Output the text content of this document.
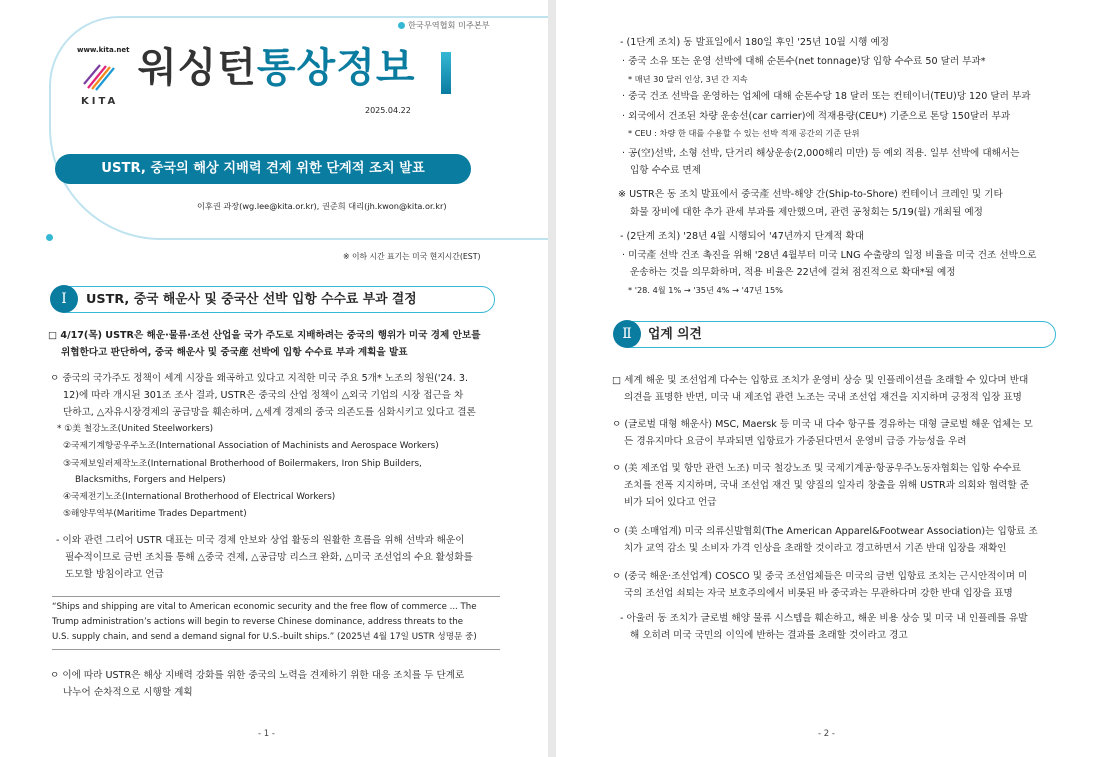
한국무역협회 미주본부
www.kita.net
KITA
워싱턴통상정보
2025.04.22
USTR, 중국의 해상 지배력 견제 위한 단계적 조치 발표
이후권 과장(wg.lee@kita.or.kr), 권준희 대리(jh.kwon@kita.or.kr)
※ 이하 시간 표기는 미국 현지시간(EST)
Ⅰ	USTR, 중국 해운사 및 중국산 선박 입항 수수료 부과 결정
□ 4/17(목) USTR은 해운·물류·조선 산업을 국가 주도로 지배하려는 중국의 행위가 미국 경제 안보를
위협한다고 판단하여, 중국 해운사 및 중국産 선박에 입항 수수료 부과 계획을 발표
ㅇ 중국의 국가주도 정책이 세계 시장을 왜곡하고 있다고 지적한 미국 주요 5개* 노조의 청원('24. 3.
12)에 따라 개시된 301조 조사 결과, USTR은 중국의 산업 정책이 △외국 기업의 시장 접근을 차
단하고, △자유시장경제의 공급망을 훼손하며, △세계 경제의 중국 의존도를 심화시키고 있다고 결론
* ①美 철강노조(United Steelworkers)
②국제기계항공우주노조(International Association of Machinists and Aerospace Workers)
③국제보일러제작노조(International Brotherhood of Boilermakers, Iron Ship Builders,
Blacksmiths, Forgers and Helpers)
④국제전기노조(International Brotherhood of Electrical Workers)
⑤해양무역부(Maritime Trades Department)
- 이와 관련 그리어 USTR 대표는 미국 경제 안보와 상업 활동의 원활한 흐름을 위해 선박과 해운이
필수적이므로 금번 조치를 통해 △중국 견제, △공급망 리스크 완화, △미국 조선업의 수요 활성화를
도모할 방침이라고 언급
“Ships and shipping are vital to American economic security and the free flow of commerce ... The
Trump administration’s actions will begin to reverse Chinese dominance, address threats to the
U.S. supply chain, and send a demand signal for U.S.-built ships.” (2025년 4월 17일 USTR 성명문 중)
ㅇ 이에 따라 USTR은 해상 지배력 강화를 위한 중국의 노력을 견제하기 위한 대응 조치를 두 단계로
나누어 순차적으로 시행할 계획
- 1 -
- (1단계 조치) 동 발표일에서 180일 후인 '25년 10월 시행 예정
· 중국 소유 또는 운영 선박에 대해 순톤수(net tonnage)당 입항 수수료 50 달러 부과*
* 매년 30 달러 인상, 3년 간 지속
· 중국 건조 선박을 운영하는 업체에 대해 순톤수당 18 달러 또는 컨테이너(TEU)당 120 달러 부과
· 외국에서 건조된 차량 운송선(car carrier)에 적재용량(CEU*) 기준으로 톤당 150달러 부과
* CEU : 차량 한 대를 수용할 수 있는 선박 적재 공간의 기준 단위
· 공(空)선박, 소형 선박, 단거리 해상운송(2,000해리 미만) 등 예외 적용. 일부 선박에 대해서는
입항 수수료 면제
※ USTR은 동 조치 발표에서 중국產 선박-해양 간(Ship-to-Shore) 컨테이너 크레인 및 기타
화물 장비에 대한 추가 관세 부과를 제안했으며, 관련 공청회는 5/19(월) 개최될 예정
- (2단계 조치) '28년 4월 시행되어 '47년까지 단계적 확대
· 미국產 선박 건조 촉진을 위해 '28년 4월부터 미국 LNG 수출량의 일정 비율을 미국 건조 선박으로
운송하는 것을 의무화하며, 적용 비율은 22년에 걸쳐 점진적으로 확대*될 예정
* '28. 4월 1% → '35년 4% → '47년 15%
Ⅱ	업계 의견
□ 세계 해운 및 조선업계 다수는 입항료 조치가 운영비 상승 및 인플레이션을 초래할 수 있다며 반대
의견을 표명한 반면, 미국 내 제조업 관련 노조는 국내 조선업 재건을 지지하며 긍정적 입장 표명
ㅇ (글로벌 대형 해운사) MSC, Maersk 등 미국 내 다수 항구를 경유하는 대형 글로벌 해운 업체는 모
든 경유지마다 요금이 부과되면 입항료가 가중된다면서 운영비 급증 가능성을 우려
ㅇ (美 제조업 및 항만 관련 노조) 미국 철강노조 및 국제기계공·항공우주노동자협회는 입항 수수료
조치를 전폭 지지하며, 국내 조선업 재건 및 양질의 일자리 창출을 위해 USTR과 의회와 협력할 준
비가 되어 있다고 언급
ㅇ (美 소매업계) 미국 의류신발협회(The American Apparel&Footwear Association)는 입항료 조
치가 교역 감소 및 소비자 가격 인상을 초래할 것이라고 경고하면서 기존 반대 입장을 재확인
ㅇ (중국 해운·조선업계) COSCO 및 중국 조선업체들은 미국의 금번 입항료 조치는 근시안적이며 미
국의 조선업 쇠퇴는 자국 보호주의에서 비롯된 바 중국과는 무관하다며 강한 반대 입장을 표명
- 아울러 동 조치가 글로벌 해양 물류 시스템을 훼손하고, 해운 비용 상승 및 미국 내 인플레를 유발
해 오히려 미국 국민의 이익에 반하는 결과를 초래할 것이라고 경고
- 2 -
